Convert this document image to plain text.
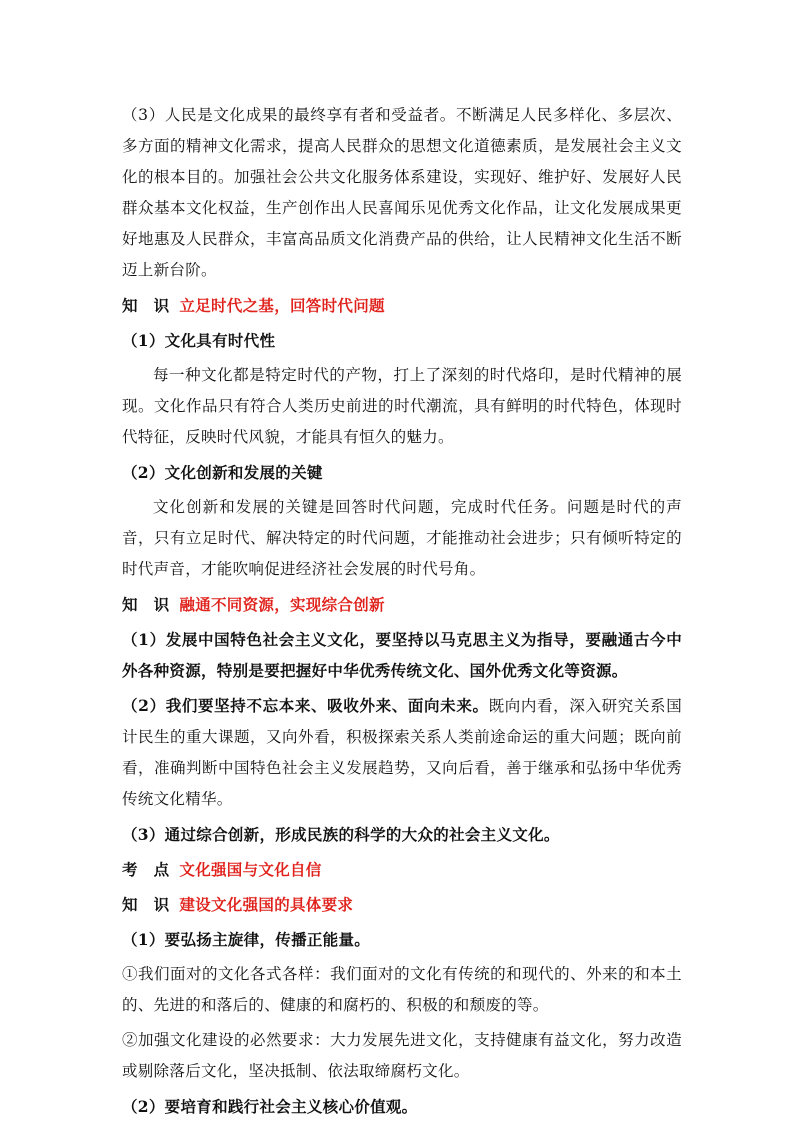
（3）人民是文化成果的最终享有者和受益者。不断满足人民多样化、多层次、多方面的精神文化需求，提高人民群众的思想文化道德素质，是发展社会主义文化的根本目的。加强社会公共文化服务体系建设，实现好、维护好、发展好人民群众基本文化权益，生产创作出人民喜闻乐见优秀文化作品，让文化发展成果更好地惠及人民群众，丰富高品质文化消费产品的供给，让人民精神文化生活不断迈上新台阶。

知　识 立足时代之基，回答时代问题
（1）文化具有时代性

每一种文化都是特定时代的产物，打上了深刻的时代烙印，是时代精神的展现。文化作品只有符合人类历史前进的时代潮流，具有鲜明的时代特色，体现时代特征，反映时代风貌，才能具有恒久的魅力。

（2）文化创新和发展的关键

文化创新和发展的关键是回答时代问题，完成时代任务。问题是时代的声音，只有立足时代、解决特定的时代问题，才能推动社会进步；只有倾听特定的时代声音，才能吹响促进经济社会发展的时代号角。

知　识 融通不同资源，实现综合创新

（1）发展中国特色社会主义文化，要坚持以马克思主义为指导，要融通古今中外各种资源，特别是要把握好中华优秀传统文化、国外优秀文化等资源。

（2）我们要坚持不忘本来、吸收外来、面向未来。既向内看，深入研究关系国计民生的重大课题，又向外看，积极探索关系人类前途命运的重大问题；既向前看，准确判断中国特色社会主义发展趋势，又向后看，善于继承和弘扬中华优秀传统文化精华。

（3）通过综合创新，形成民族的科学的大众的社会主义文化。

考　点 文化强国与文化自信
知　识 建设文化强国的具体要求
（1）要弘扬主旋律，传播正能量。

①我们面对的文化各式各样：我们面对的文化有传统的和现代的、外来的和本土的、先进的和落后的、健康的和腐朽的、积极的和颓废的等。

②加强文化建设的必然要求：大力发展先进文化，支持健康有益文化，努力改造或剔除落后文化，坚决抵制、依法取缔腐朽文化。

（2）要培育和践行社会主义核心价值观。
